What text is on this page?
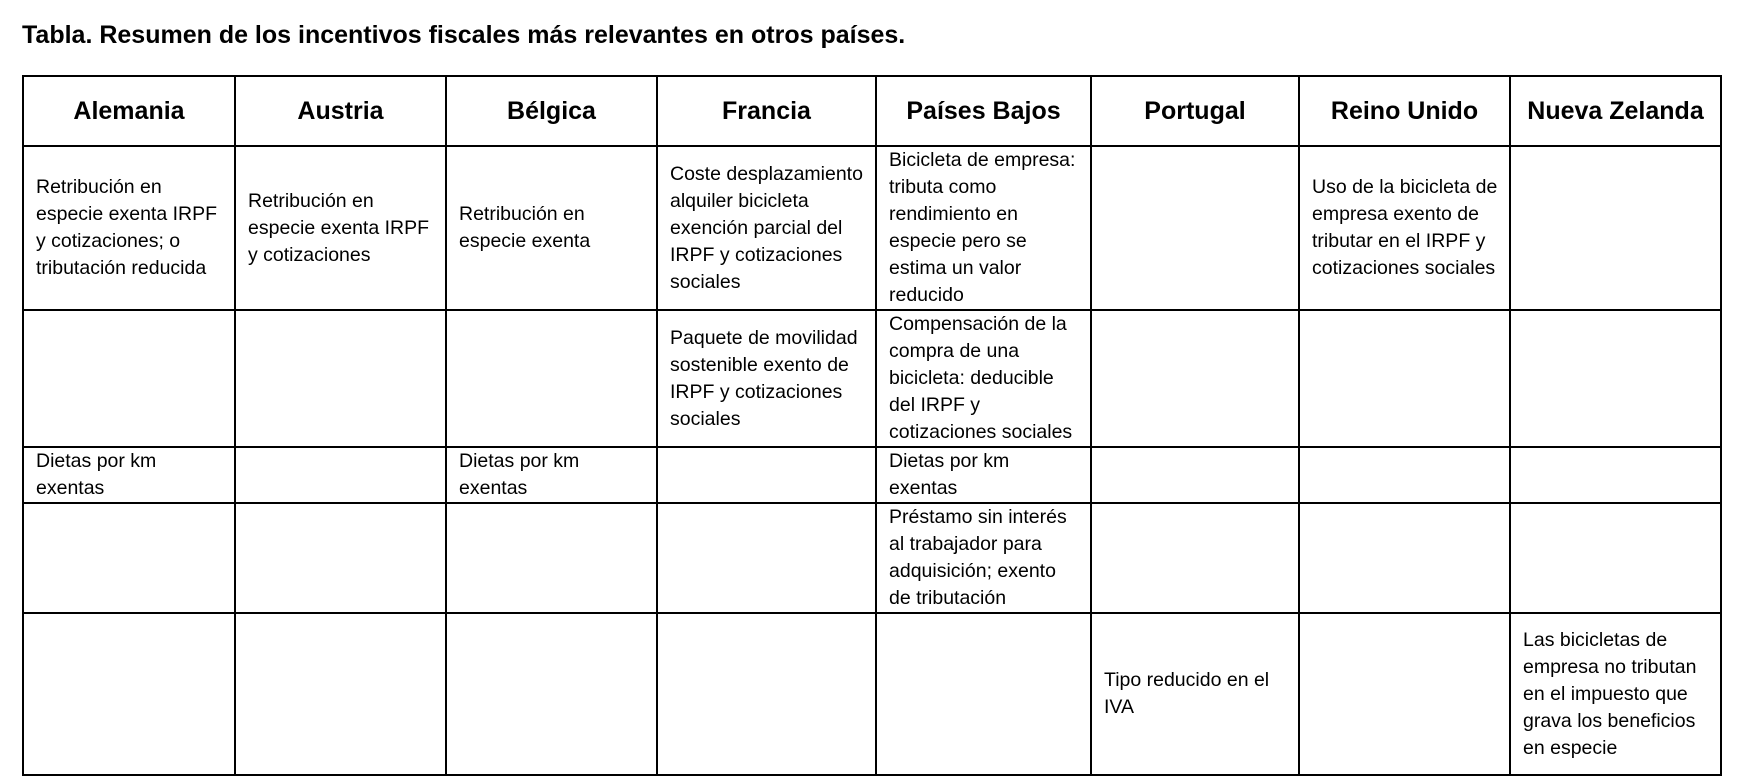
Tabla. Resumen de los incentivos fiscales más relevantes en otros países.
Alemania	Austria	Bélgica	Francia	Países Bajos	Portugal	Reino Unido	Nueva Zelanda
Retribución en especie exenta IRPF y cotizaciones; o tributación reducida	Retribución en especie exenta IRPF y cotizaciones	Retribución en especie exenta	Coste desplazamiento alquiler bicicleta exención parcial del IRPF y cotizaciones sociales	Bicicleta de empresa: tributa como rendimiento en especie pero se estima un valor reducido		Uso de la bicicleta de empresa exento de tributar en el IRPF y cotizaciones sociales	
			Paquete de movilidad sostenible exento de IRPF y cotizaciones sociales	Compensación de la compra de una bicicleta: deducible del IRPF y cotizaciones sociales			
Dietas por km exentas		Dietas por km exentas		Dietas por km exentas			
				Préstamo sin interés al trabajador para adquisición; exento de tributación			
					Tipo reducido en el IVA		Las bicicletas de empresa no tributan en el impuesto que grava los beneficios en especie
